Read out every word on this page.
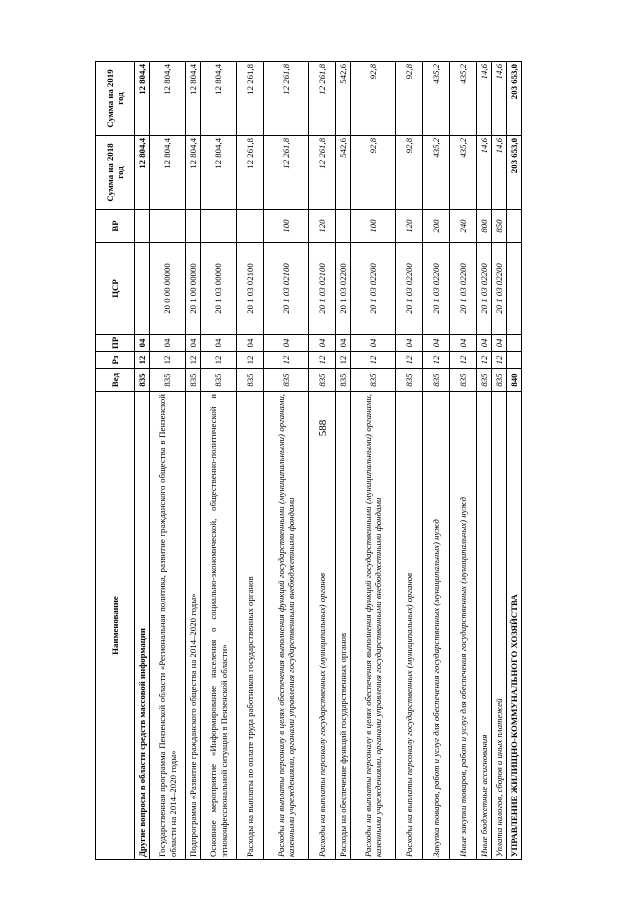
588
Наименование	Вед	Рз	ПР	ЦСР	ВР	Сумма на 2018 год	Сумма на 2019 год
Другие вопросы в области средств массовой информации	835	12	04			12 804,4	12 804,4
Государственная программа Пензенской области «Региональная политика, развитие гражданского общества в Пензенской области на 2014–2020 годы»	835	12	04	20 0 00 00000		12 804,4	12 804,4
Подпрограмма «Развитие гражданского общества на 2014–2020 годы»	835	12	04	20 1 00 00000		12 804,4	12 804,4
Основное мероприятие «Информирование населения о социально-экономической, общественно-политической и этноконфессиональной ситуации в Пензенской области»	835	12	04	20 1 03 00000		12 804,4	12 804,4
Расходы на выплаты по оплате труда работников государственных органов	835	12	04	20 1 03 02100		12 261,8	12 261,8
Расходы на выплаты персоналу в целях обеспечения выполнения функций государственными (муниципальными) органами, казенными учреждениями, органами управления государственными внебюджетными фондами	835	12	04	20 1 03 02100	100	12 261,8	12 261,8
Расходы на выплаты персоналу государственных (муниципальных) органов	835	12	04	20 1 03 02100	120	12 261,8	12 261,8
Расходы на обеспечение функций государственных органов	835	12	04	20 1 03 02200		542,6	542,6
Расходы на выплаты персоналу в целях обеспечения выполнения функций государственными (муниципальными) органами, казенными учреждениями, органами управления государственными внебюджетными фондами	835	12	04	20 1 03 02200	100	92,8	92,8
Расходы на выплаты персоналу государственных (муниципальных) органов	835	12	04	20 1 03 02200	120	92,8	92,8
Закупка товаров, работ и услуг для обеспечения государственных (муниципальных) нужд	835	12	04	20 1 03 02200	200	435,2	435,2
Иные закупки товаров, работ и услуг для обеспечения государственных (муниципальных) нужд	835	12	04	20 1 03 02200	240	435,2	435,2
Иные бюджетные ассигнования	835	12	04	20 1 03 02200	800	14,6	14,6
Уплата налогов, сборов и иных платежей	835	12	04	20 1 03 02200	850	14,6	14,6
УПРАВЛЕНИЕ ЖИЛИЩНО-КОММУНАЛЬНОГО ХОЗЯЙСТВА	840					203 653,0	203 653,0
